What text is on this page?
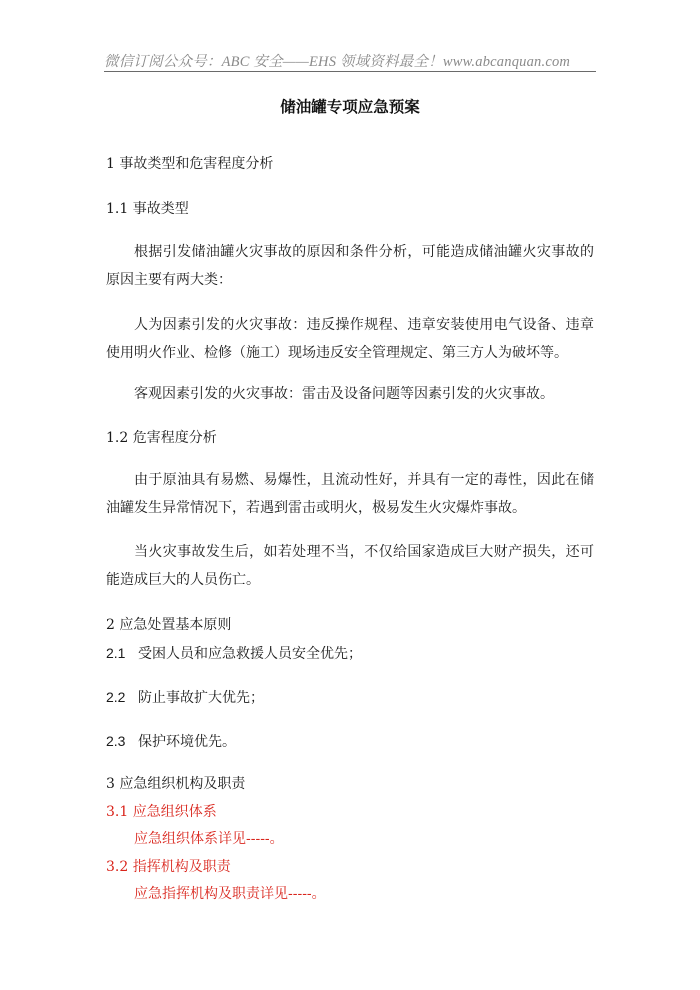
微信订阅公众号：ABC 安全——EHS 领域资料最全！www.abcanquan.com
储油罐专项应急预案
1 事故类型和危害程度分析
1.1 事故类型
根据引发储油罐火灾事故的原因和条件分析，可能造成储油罐火灾事故的原因主要有两大类：
人为因素引发的火灾事故：违反操作规程、违章安装使用电气设备、违章使用明火作业、检修（施工）现场违反安全管理规定、第三方人为破坏等。
客观因素引发的火灾事故：雷击及设备问题等因素引发的火灾事故。
1.2 危害程度分析
由于原油具有易燃、易爆性，且流动性好，并具有一定的毒性，因此在储油罐发生异常情况下，若遇到雷击或明火，极易发生火灾爆炸事故。
当火灾事故发生后，如若处理不当，不仅给国家造成巨大财产损失，还可能造成巨大的人员伤亡。
2 应急处置基本原则
2.1 受困人员和应急救援人员安全优先；
2.2 防止事故扩大优先；
2.3 保护环境优先。
3 应急组织机构及职责
3.1 应急组织体系
应急组织体系详见-----。
3.2 指挥机构及职责
应急指挥机构及职责详见-----。
